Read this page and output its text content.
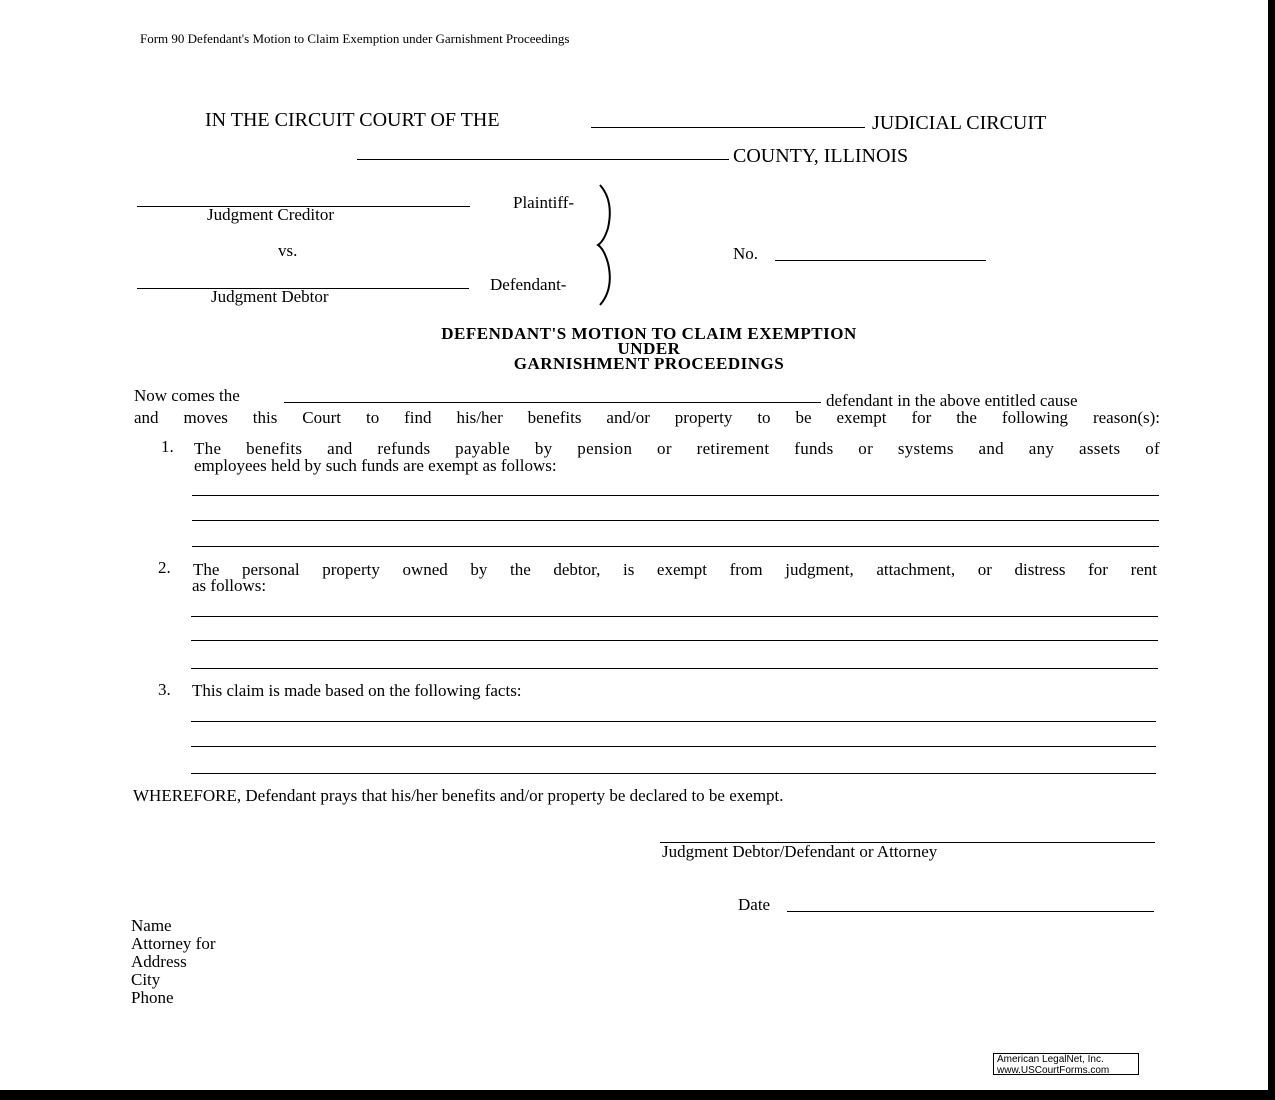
Form 90 Defendant's Motion to Claim Exemption under Garnishment Proceedings
IN THE CIRCUIT COURT OF THE	JUDICIAL CIRCUIT
COUNTY, ILLINOIS
Judgment Creditor
Plaintiff-
vs.
Judgment Debtor
Defendant-
No.
DEFENDANT'S MOTION TO CLAIM EXEMPTION
UNDER
GARNISHMENT PROCEEDINGS
Now comes the	defendant in the above entitled cause
and moves this Court to find his/her benefits and/or property to be exempt for the following reason(s):
1. The benefits and refunds payable by pension or retirement funds or systems and any assets of
employees held by such funds are exempt as follows:
2. The personal property owned by the debtor, is exempt from judgment, attachment, or distress for rent
as follows:
3. This claim is made based on the following facts:
WHEREFORE, Defendant prays that his/her benefits and/or property be declared to be exempt.
Judgment Debtor/Defendant or Attorney
Date
Name
Attorney for
Address
City
Phone
American LegalNet, Inc.
www.USCourtForms.com
